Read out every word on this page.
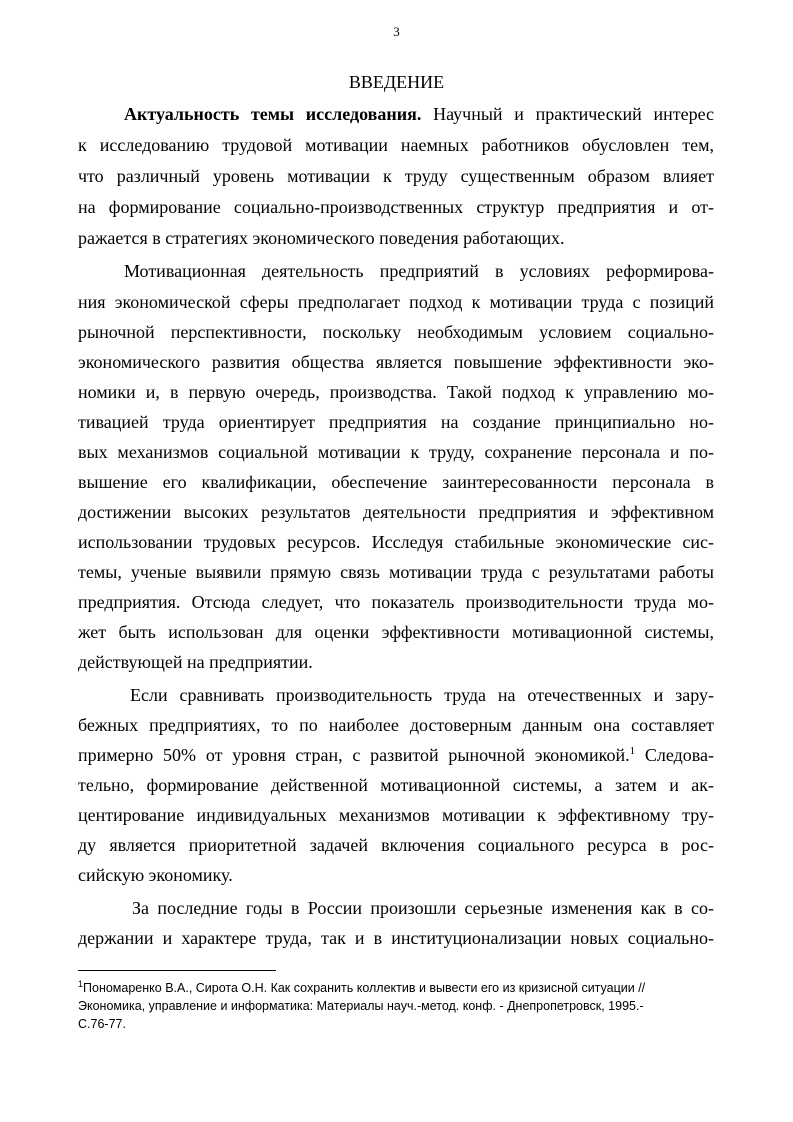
3
ВВЕДЕНИЕ
Актуальность темы исследования. Научный и практический интерес
к исследованию трудовой мотивации наемных работников обусловлен тем,
что различный уровень мотивации к труду существенным образом влияет
на формирование социально-производственных структур предприятия и от-
ражается в стратегиях экономического поведения работающих.
Мотивационная деятельность предприятий в условиях реформирова-
ния экономической сферы предполагает подход к мотивации труда с позиций
рыночной перспективности, поскольку необходимым условием социально-
экономического развития общества является повышение эффективности эко-
номики и, в первую очередь, производства. Такой подход к управлению мо-
тивацией труда ориентирует предприятия на создание принципиально но-
вых механизмов социальной мотивации к труду, сохранение персонала и по-
вышение его квалификации, обеспечение заинтересованности персонала в
достижении высоких результатов деятельности предприятия и эффективном
использовании трудовых ресурсов. Исследуя стабильные экономические сис-
темы, ученые выявили прямую связь мотивации труда с результатами работы
предприятия. Отсюда следует, что показатель производительности труда мо-
жет быть использован для оценки эффективности мотивационной системы,
действующей на предприятии.
Если сравнивать производительность труда на отечественных и зару-
бежных предприятиях, то по наиболее достоверным данным она составляет
примерно 50% от уровня стран, с развитой рыночной экономикой.$^1$ Следова-
тельно, формирование действенной мотивационной системы, а затем и ак-
центирование индивидуальных механизмов мотивации к эффективному тру-
ду является приоритетной задачей включения социального ресурса в рос-
сийскую экономику.
За последние годы в России произошли серьезные изменения как в со-
держании и характере труда, так и в институционализации новых социально-
$^1$Пономаренко В.А., Сирота О.Н. Как сохранить коллектив и вывести его из кризисной ситуации //
Экономика, управление и информатика: Материалы науч.-метод. конф. - Днепропетровск, 1995.-
С.76-77.
